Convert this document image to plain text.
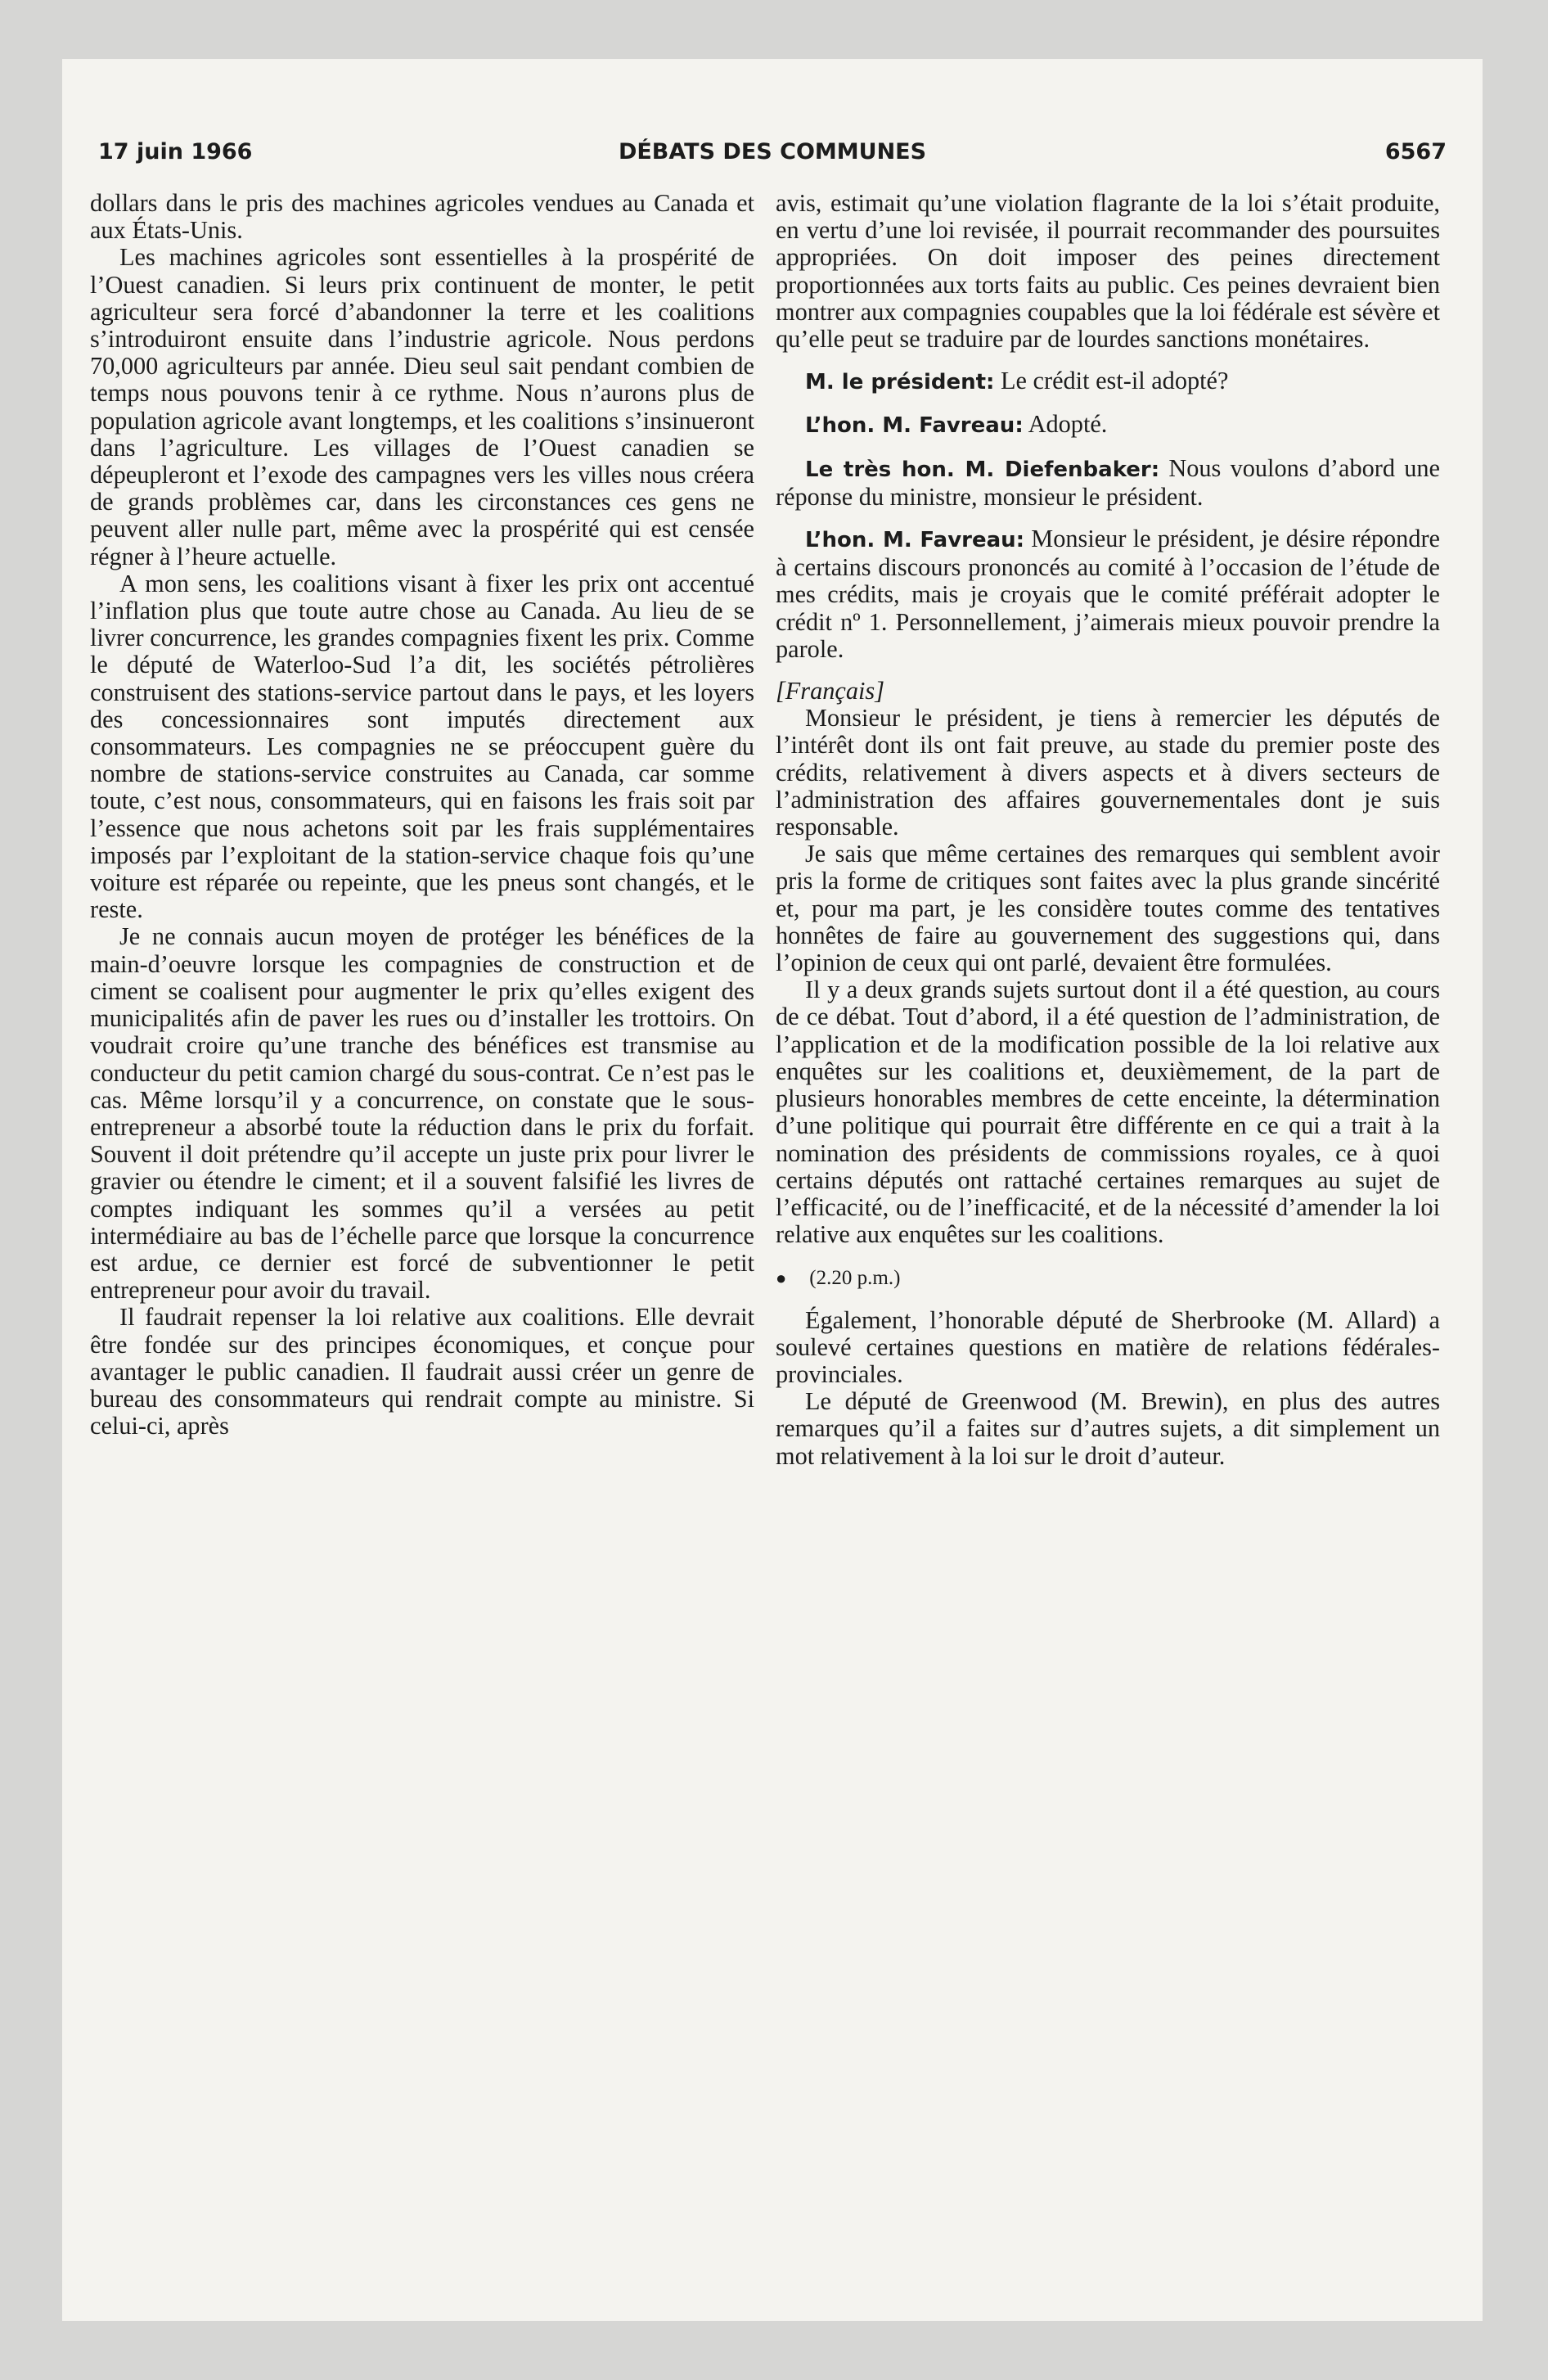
17 juin 1966	DÉBATS DES COMMUNES	6567

dollars dans le pris des machines agricoles vendues au Canada et aux États-Unis.

Les machines agricoles sont essentielles à la prospérité de l’Ouest canadien. Si leurs prix continuent de monter, le petit agriculteur sera forcé d’abandonner la terre et les coalitions s’introduiront ensuite dans l’industrie agricole. Nous perdons 70,000 agriculteurs par année. Dieu seul sait pendant combien de temps nous pouvons tenir à ce rythme. Nous n’aurons plus de population agricole avant longtemps, et les coalitions s’insinueront dans l’agriculture. Les villages de l’Ouest canadien se dépeupleront et l’exode des campagnes vers les villes nous créera de grands problèmes car, dans les circonstances ces gens ne peuvent aller nulle part, même avec la prospérité qui est censée régner à l’heure actuelle.

A mon sens, les coalitions visant à fixer les prix ont accentué l’inflation plus que toute autre chose au Canada. Au lieu de se livrer concurrence, les grandes compagnies fixent les prix. Comme le député de Waterloo-Sud l’a dit, les sociétés pétrolières construisent des stations-service partout dans le pays, et les loyers des concessionnaires sont imputés directement aux consommateurs. Les compagnies ne se préoccupent guère du nombre de stations-service construites au Canada, car somme toute, c’est nous, consommateurs, qui en faisons les frais soit par l’essence que nous achetons soit par les frais supplémentaires imposés par l’exploitant de la station-service chaque fois qu’une voiture est réparée ou repeinte, que les pneus sont changés, et le reste.

Je ne connais aucun moyen de protéger les bénéfices de la main-d’oeuvre lorsque les compagnies de construction et de ciment se coalisent pour augmenter le prix qu’elles exigent des municipalités afin de paver les rues ou d’installer les trottoirs. On voudrait croire qu’une tranche des bénéfices est transmise au conducteur du petit camion chargé du sous-contrat. Ce n’est pas le cas. Même lorsqu’il y a concurrence, on constate que le sous-entrepreneur a absorbé toute la réduction dans le prix du forfait. Souvent il doit prétendre qu’il accepte un juste prix pour livrer le gravier ou étendre le ciment; et il a souvent falsifié les livres de comptes indiquant les sommes qu’il a versées au petit intermédiaire au bas de l’échelle parce que lorsque la concurrence est ardue, ce dernier est forcé de subventionner le petit entrepreneur pour avoir du travail.

Il faudrait repenser la loi relative aux coalitions. Elle devrait être fondée sur des principes économiques, et conçue pour avantager le public canadien. Il faudrait aussi créer un genre de bureau des consommateurs qui rendrait compte au ministre. Si celui-ci, après

avis, estimait qu’une violation flagrante de la loi s’était produite, en vertu d’une loi revisée, il pourrait recommander des poursuites appropriées. On doit imposer des peines directement proportionnées aux torts faits au public. Ces peines devraient bien montrer aux compagnies coupables que la loi fédérale est sévère et qu’elle peut se traduire par de lourdes sanctions monétaires.

M. le président: Le crédit est-il adopté?

L’hon. M. Favreau: Adopté.

Le très hon. M. Diefenbaker: Nous voulons d’abord une réponse du ministre, monsieur le président.

L’hon. M. Favreau: Monsieur le président, je désire répondre à certains discours prononcés au comité à l’occasion de l’étude de mes crédits, mais je croyais que le comité préférait adopter le crédit nº 1. Personnellement, j’aimerais mieux pouvoir prendre la parole.

[Français]

Monsieur le président, je tiens à remercier les députés de l’intérêt dont ils ont fait preuve, au stade du premier poste des crédits, relativement à divers aspects et à divers secteurs de l’administration des affaires gouvernementales dont je suis responsable.

Je sais que même certaines des remarques qui semblent avoir pris la forme de critiques sont faites avec la plus grande sincérité et, pour ma part, je les considère toutes comme des tentatives honnêtes de faire au gouvernement des suggestions qui, dans l’opinion de ceux qui ont parlé, devaient être formulées.

Il y a deux grands sujets surtout dont il a été question, au cours de ce débat. Tout d’abord, il a été question de l’administration, de l’application et de la modification possible de la loi relative aux enquêtes sur les coalitions et, deuxièmement, de la part de plusieurs honorables membres de cette enceinte, la détermination d’une politique qui pourrait être différente en ce qui a trait à la nomination des présidents de commissions royales, ce à quoi certains députés ont rattaché certaines remarques au sujet de l’efficacité, ou de l’inefficacité, et de la nécessité d’amender la loi relative aux enquêtes sur les coalitions.

● (2.20 p.m.)

Également, l’honorable député de Sherbrooke (M. Allard) a soulevé certaines questions en matière de relations fédérales-provinciales.

Le député de Greenwood (M. Brewin), en plus des autres remarques qu’il a faites sur d’autres sujets, a dit simplement un mot relativement à la loi sur le droit d’auteur.
